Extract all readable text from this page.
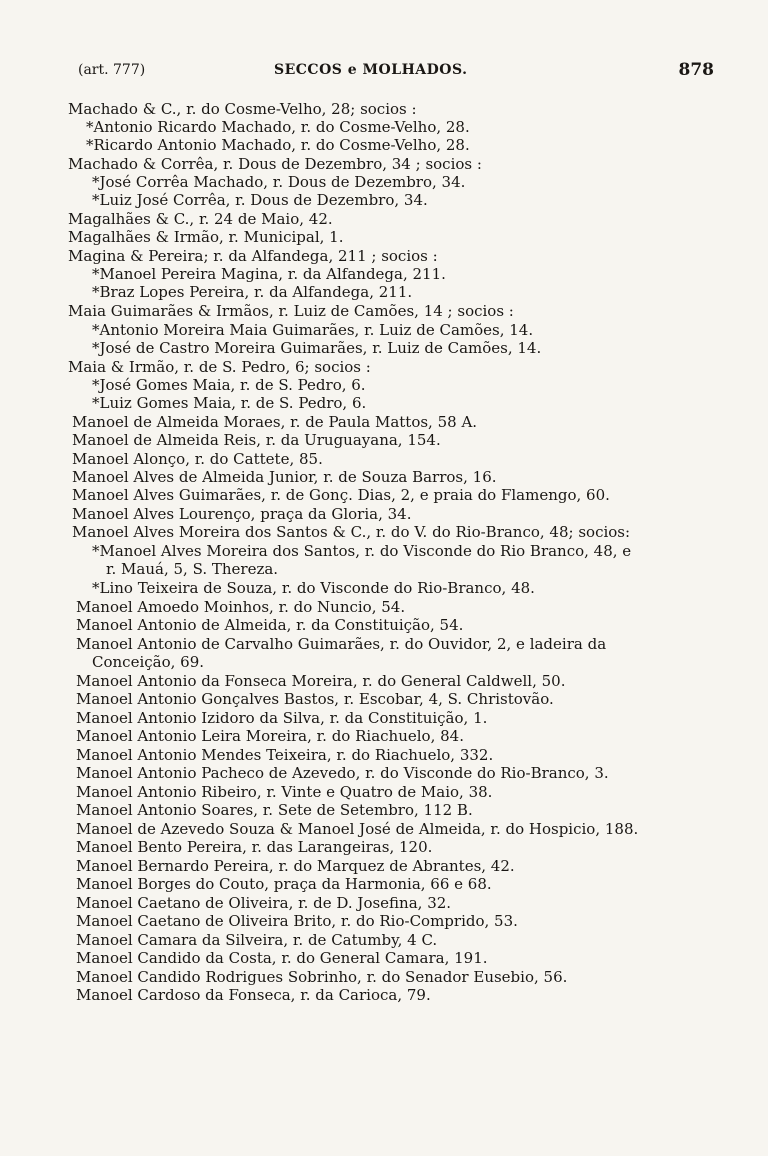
(art. 777)	SECCOS e MOLHADOS.	878
Machado & C., r. do Cosme-Velho, 28; socios :
*Antonio Ricardo Machado, r. do Cosme-Velho, 28.
*Ricardo Antonio Machado, r. do Cosme-Velho, 28.
Machado & Corrêa, r. Dous de Dezembro, 34 ; socios :
*José Corrêa Machado, r. Dous de Dezembro, 34.
*Luiz José Corrêa, r. Dous de Dezembro, 34.
Magalhães & C., r. 24 de Maio, 42.
Magalhães & Irmão, r. Municipal, 1.
Magina & Pereira; r. da Alfandega, 211 ; socios :
*Manoel Pereira Magina, r. da Alfandega, 211.
*Braz Lopes Pereira, r. da Alfandega, 211.
Maia Guimarães & Irmãos, r. Luiz de Camões, 14 ; socios :
*Antonio Moreira Maia Guimarães, r. Luiz de Camões, 14.
*José de Castro Moreira Guimarães, r. Luiz de Camões, 14.
Maia & Irmão, r. de S. Pedro, 6; socios :
*José Gomes Maia, r. de S. Pedro, 6.
*Luiz Gomes Maia, r. de S. Pedro, 6.
Manoel de Almeida Moraes, r. de Paula Mattos, 58 A.
Manoel de Almeida Reis, r. da Uruguayana, 154.
Manoel Alonço, r. do Cattete, 85.
Manoel Alves de Almeida Junior, r. de Souza Barros, 16.
Manoel Alves Guimarães, r. de Gonç. Dias, 2, e praia do Flamengo, 60.
Manoel Alves Lourenço, praça da Gloria, 34.
Manoel Alves Moreira dos Santos & C., r. do V. do Rio-Branco, 48; socios:
*Manoel Alves Moreira dos Santos, r. do Visconde do Rio Branco, 48, e
r. Mauá, 5, S. Thereza.
*Lino Teixeira de Souza, r. do Visconde do Rio-Branco, 48.
Manoel Amoedo Moinhos, r. do Nuncio, 54.
Manoel Antonio de Almeida, r. da Constituição, 54.
Manoel Antonio de Carvalho Guimarães, r. do Ouvidor, 2, e ladeira da
Conceição, 69.
Manoel Antonio da Fonseca Moreira, r. do General Caldwell, 50.
Manoel Antonio Gonçalves Bastos, r. Escobar, 4, S. Christovão.
Manoel Antonio Izidoro da Silva, r. da Constituição, 1.
Manoel Antonio Leira Moreira, r. do Riachuelo, 84.
Manoel Antonio Mendes Teixeira, r. do Riachuelo, 332.
Manoel Antonio Pacheco de Azevedo, r. do Visconde do Rio-Branco, 3.
Manoel Antonio Ribeiro, r. Vinte e Quatro de Maio, 38.
Manoel Antonio Soares, r. Sete de Setembro, 112 B.
Manoel de Azevedo Souza & Manoel José de Almeida, r. do Hospicio, 188.
Manoel Bento Pereira, r. das Larangeiras, 120.
Manoel Bernardo Pereira, r. do Marquez de Abrantes, 42.
Manoel Borges do Couto, praça da Harmonia, 66 e 68.
Manoel Caetano de Oliveira, r. de D. Josefina, 32.
Manoel Caetano de Oliveira Brito, r. do Rio-Comprido, 53.
Manoel Camara da Silveira, r. de Catumby, 4 C.
Manoel Candido da Costa, r. do General Camara, 191.
Manoel Candido Rodrigues Sobrinho, r. do Senador Eusebio, 56.
Manoel Cardoso da Fonseca, r. da Carioca, 79.
